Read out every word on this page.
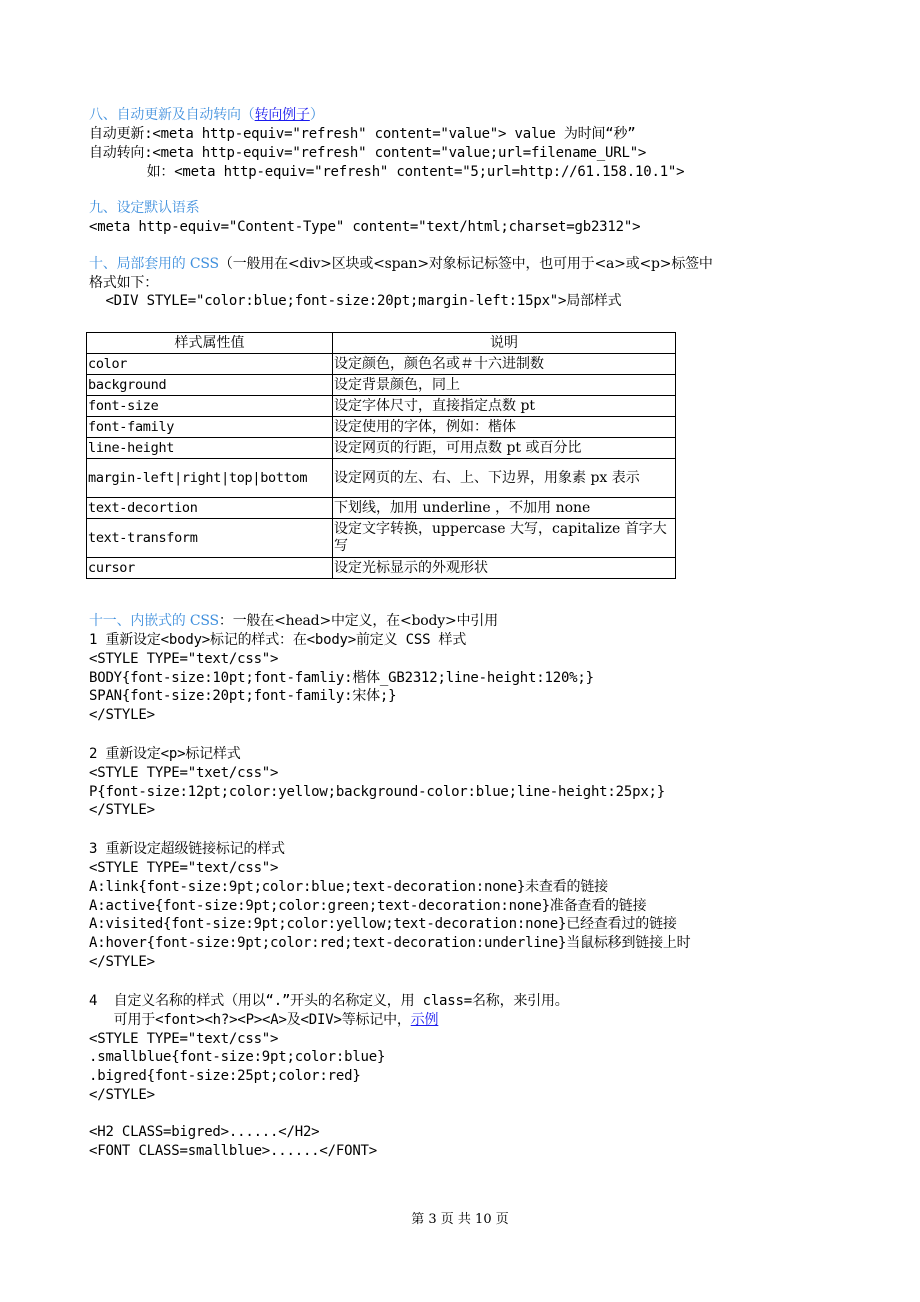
八、自动更新及自动转向（转向例子）
自动更新:<meta http-equiv="refresh" content="value"> value 为时间“秒”
自动转向:<meta http-equiv="refresh" content="value;url=filename_URL">
如：<meta http-equiv="refresh" content="5;url=http://61.158.10.1">
九、设定默认语系
<meta http-equiv="Content-Type" content="text/html;charset=gb2312">
十、局部套用的 CSS（一般用在<div>区块或<span>对象标记标签中，也可用于<a>或<p>标签中
格式如下：
<DIV STYLE="color:blue;font-size:20pt;margin-left:15px">局部样式
样式属性值	说明
color	设定颜色，颜色名或＃十六进制数
background	设定背景颜色，同上
font-size	设定字体尺寸，直接指定点数 pt
font-family	设定使用的字体，例如：楷体
line-height	设定网页的行距，可用点数 pt 或百分比
margin-left|right|top|bottom	设定网页的左、右、上、下边界，用象素 px 表示
text-decortion	下划线，加用 underline ，不加用 none
text-transform	设定文字转换，uppercase 大写，capitalize 首字大写
cursor	设定光标显示的外观形状
十一、内嵌式的 CSS：一般在<head>中定义，在<body>中引用
1 重新设定<body>标记的样式：在<body>前定义 CSS 样式
<STYLE TYPE="text/css">
BODY{font-size:10pt;font-famliy:楷体_GB2312;line-height:120%;}
SPAN{font-size:20pt;font-family:宋体;}
</STYLE>
2 重新设定<p>标记样式
<STYLE TYPE="txet/css">
P{font-size:12pt;color:yellow;background-color:blue;line-height:25px;}
</STYLE>
3 重新设定超级链接标记的样式
<STYLE TYPE="text/css">
A:link{font-size:9pt;color:blue;text-decoration:none}未查看的链接
A:active{font-size:9pt;color:green;text-decoration:none}准备查看的链接
A:visited{font-size:9pt;color:yellow;text-decoration:none}已经查看过的链接
A:hover{font-size:9pt;color:red;text-decoration:underline}当鼠标移到链接上时
</STYLE>
4  自定义名称的样式（用以“.”开头的名称定义，用 class=名称，来引用。
可用于<font><h?><P><A>及<DIV>等标记中，示例
<STYLE TYPE="text/css">
.smallblue{font-size:9pt;color:blue}
.bigred{font-size:25pt;color:red}
</STYLE>
<H2 CLASS=bigred>......</H2>
<FONT CLASS=smallblue>......</FONT>
第 3 页 共 10 页
